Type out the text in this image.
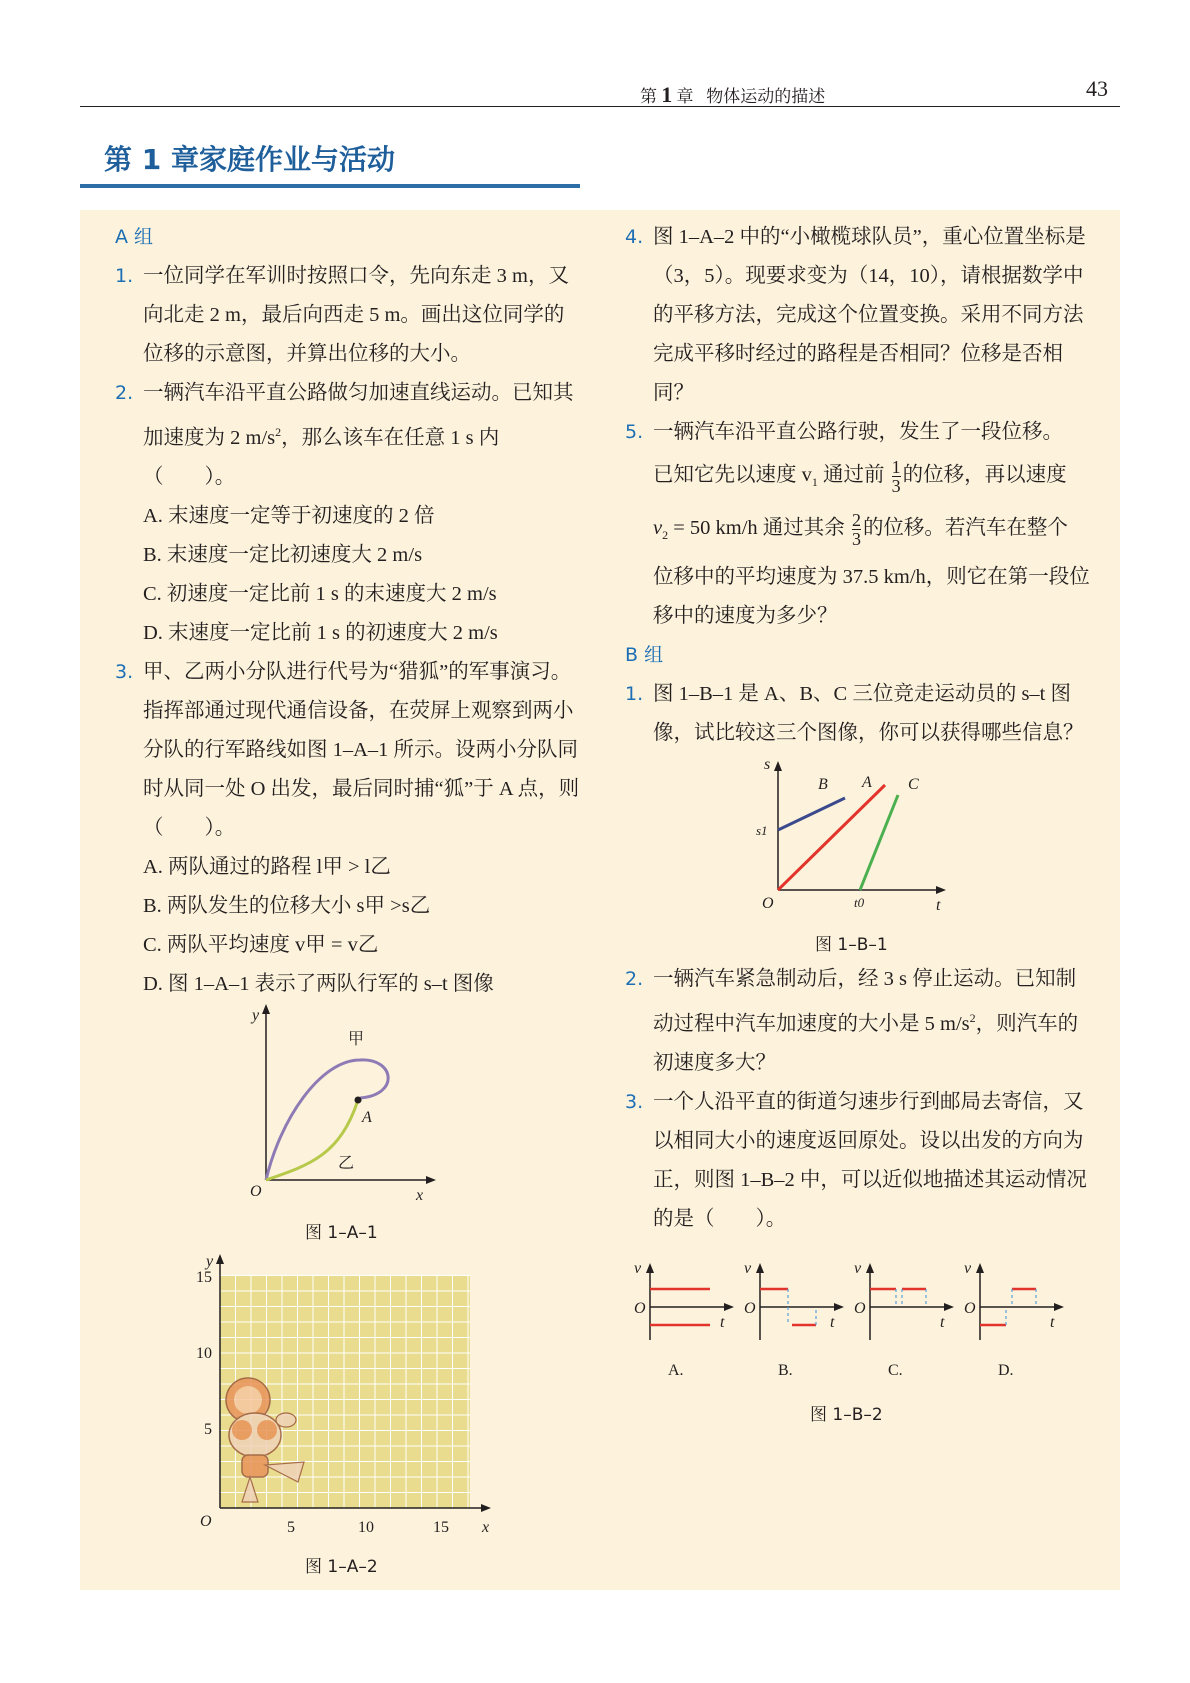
第 1 章 物体运动的描述	43
第 1 章家庭作业与活动
A 组
1. 一位同学在军训时按照口令，先向东走 3 m，又向北走 2 m，最后向西走 5 m。画出这位同学的位移的示意图，并算出位移的大小。
2. 一辆汽车沿平直公路做匀加速直线运动。已知其加速度为 2 $m/s^2$，那么该车在任意 1 s 内（　　）。
A. 末速度一定等于初速度的 2 倍
B. 末速度一定比初速度大 2 m/s
C. 初速度一定比前 1 s 的末速度大 2 m/s
D. 末速度一定比前 1 s 的初速度大 2 m/s
3. 甲、乙两小分队进行代号为“猎狐”的军事演习。指挥部通过现代通信设备，在荧屏上观察到两小分队的行军路线如图 1–A–1 所示。设两小分队同时从同一处 O 出发，最后同时捕“狐”于 A 点，则（　　）。
A. 两队通过的路程 l甲 > l乙
B. 两队发生的位移大小 s甲 >s乙
C. 两队平均速度 v甲 = v乙
D. 图 1–A–1 表示了两队行军的 s–t 图像
y
x
O
甲
乙
A
图 1–A–1
y
x
O
15
10
5
5	10	15
图 1–A–2
4. 图 1–A–2 中的“小橄榄球队员”，重心位置坐标是（3，5）。现要求变为（14，10），请根据数学中的平移方法，完成这个位置变换。采用不同方法完成平移时经过的路程是否相同？位移是否相同？
5. 一辆汽车沿平直公路行驶，发生了一段位移。
已知它先以速度 $v_1$ 通过前 $\frac{1}{3}$ 的位移，再以速度
$v_2 = 50$ km/h 通过其余 $\frac{2}{3}$ 的位移。若汽车在整个
位移中的平均速度为 37.5 km/h，则它在第一段位移中的速度为多少？
B 组
1. 图 1–B–1 是 A、B、C 三位竞走运动员的 s–t 图像，试比较这三个图像，你可以获得哪些信息？
s
t
O
s1
t0
B A C
图 1–B–1
2. 一辆汽车紧急制动后，经 3 s 停止运动。已知制动过程中汽车加速度的大小是 5 $m/s^2$，则汽车的初速度多大？
3. 一个人沿平直的街道匀速步行到邮局去寄信，又以相同大小的速度返回原处。设以出发的方向为正，则图 1–B–2 中，可以近似地描述其运动情况的是（　　）。
v
t
O
A.
v
t
O
B.
v
t
O
C.
v
t
O
D.
图 1–B–2
